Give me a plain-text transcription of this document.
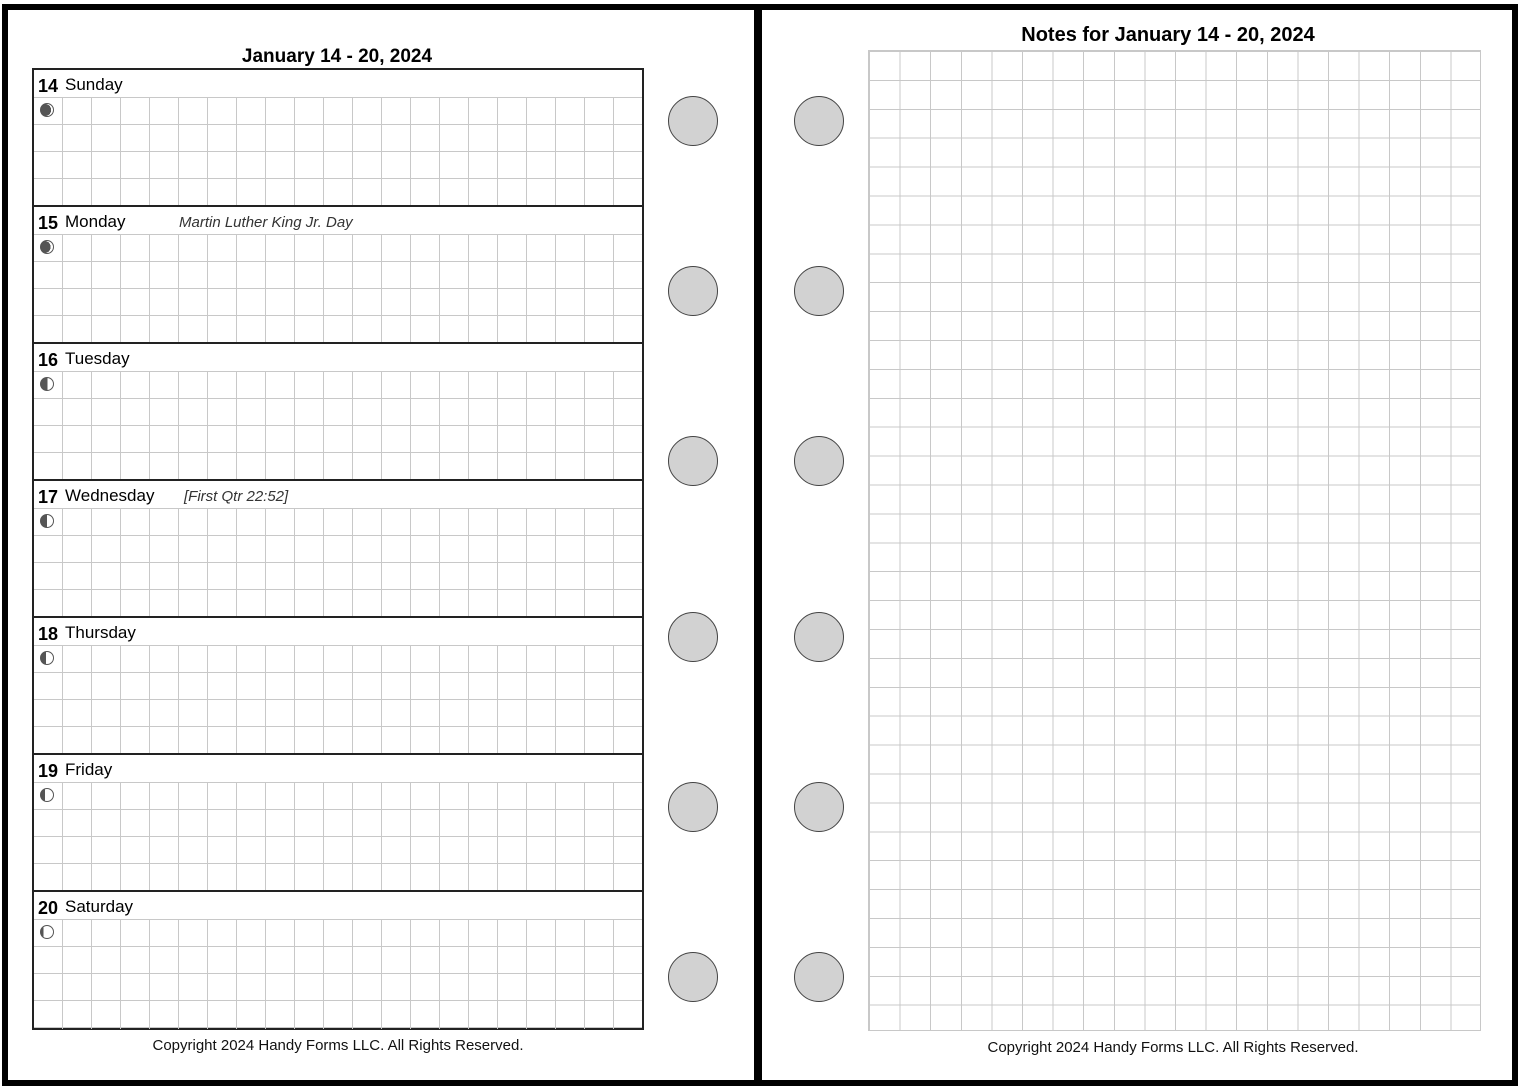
January 14 - 20, 2024
14 Sunday
15 Monday	Martin Luther King Jr. Day
16 Tuesday
17 Wednesday [First Qtr 22:52]
18 Thursday
19 Friday
20 Saturday
Copyright 2024 Handy Forms LLC. All Rights Reserved.
Notes for January 14 - 20, 2024
Copyright 2024 Handy Forms LLC. All Rights Reserved.
